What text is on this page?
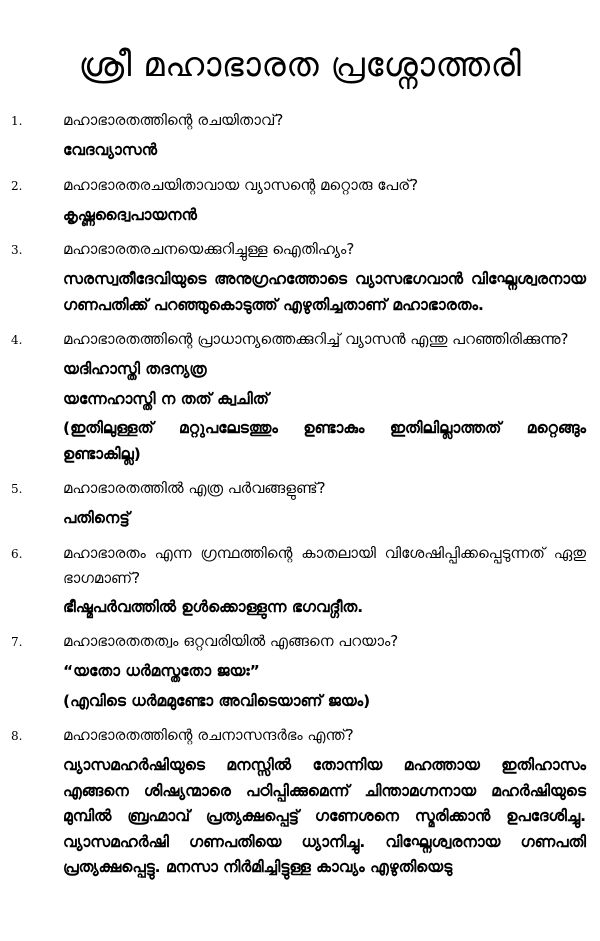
ശ്രീ മഹാഭാരത പ്രശ്നോത്തരി
1.	മഹാഭാരതത്തിന്റെ രചയിതാവ്?
വേദവ്യാസൻ
2.	മഹാഭാരതരചയിതാവായ വ്യാസന്റെ മറ്റൊരു പേര്?
കൃഷ്ണദ്വൈപായനൻ
3.	മഹാഭാരതരചനയെക്കുറിച്ചുള്ള ഐതിഹ്യം?
സരസ്വതീദേവിയുടെ അനുഗ്രഹത്തോടെ വ്യാസഭഗവാൻ വിഘ്നേശ്വരനായ ഗണപതിക്ക് പറഞ്ഞുകൊടുത്ത് എഴുതിച്ചതാണ് മഹാഭാരതം.
4.	മഹാഭാരതത്തിന്റെ പ്രാധാന്യത്തെക്കുറിച്ച് വ്യാസൻ എന്തു പറഞ്ഞിരിക്കുന്നു?
യദിഹാസ്തി തദന്യത്ര
യന്നേഹാസ്തി ന തത് ക്വചിത്
(ഇതിലുള്ളത് മറ്റുപലേടത്തും ഉണ്ടാകും ഇതിലില്ലാത്തത് മറ്റെങ്ങും ഉണ്ടാകില്ല)
5.	മഹാഭാരതത്തിൽ എത്ര പർവങ്ങളുണ്ട്?
പതിനെട്ട്
6.	മഹാഭാരതം എന്ന ഗ്രന്ഥത്തിന്റെ കാതലായി വിശേഷിപ്പിക്കപ്പെടുന്നത് ഏതു ഭാഗമാണ്?
ഭീഷ്മപർവത്തിൽ ഉൾക്കൊള്ളുന്ന ഭഗവദ്ഗീത.
7.	മഹാഭാരതതത്വം ഒറ്റവരിയിൽ എങ്ങനെ പറയാം?
“യതോ ധർമസ്തതോ ജയഃ”
(എവിടെ ധർമമുണ്ടോ അവിടെയാണ് ജയം)
8.	മഹാഭാരതത്തിന്റെ രചനാസന്ദർഭം എന്ത്?
വ്യാസമഹർഷിയുടെ മനസ്സിൽ തോന്നിയ മഹത്തായ ഇതിഹാസം എങ്ങനെ ശിഷ്യന്മാരെ പഠിപ്പിക്കുമെന്ന് ചിന്താമഗ്നനായ മഹർഷിയുടെ മുമ്പിൽ ബ്രഹ്മാവ് പ്രത്യക്ഷപ്പെട്ട് ഗണേശനെ സ്മരിക്കാൻ ഉപദേശിച്ചു. വ്യാസമഹർഷി ഗണപതിയെ ധ്യാനിച്ചു. വിഘ്നേശ്വരനായ ഗണപതി പ്രത്യക്ഷപ്പെട്ടു. മനസാ നിർമിച്ചിട്ടുള്ള കാവ്യം എഴുതിയെടു
